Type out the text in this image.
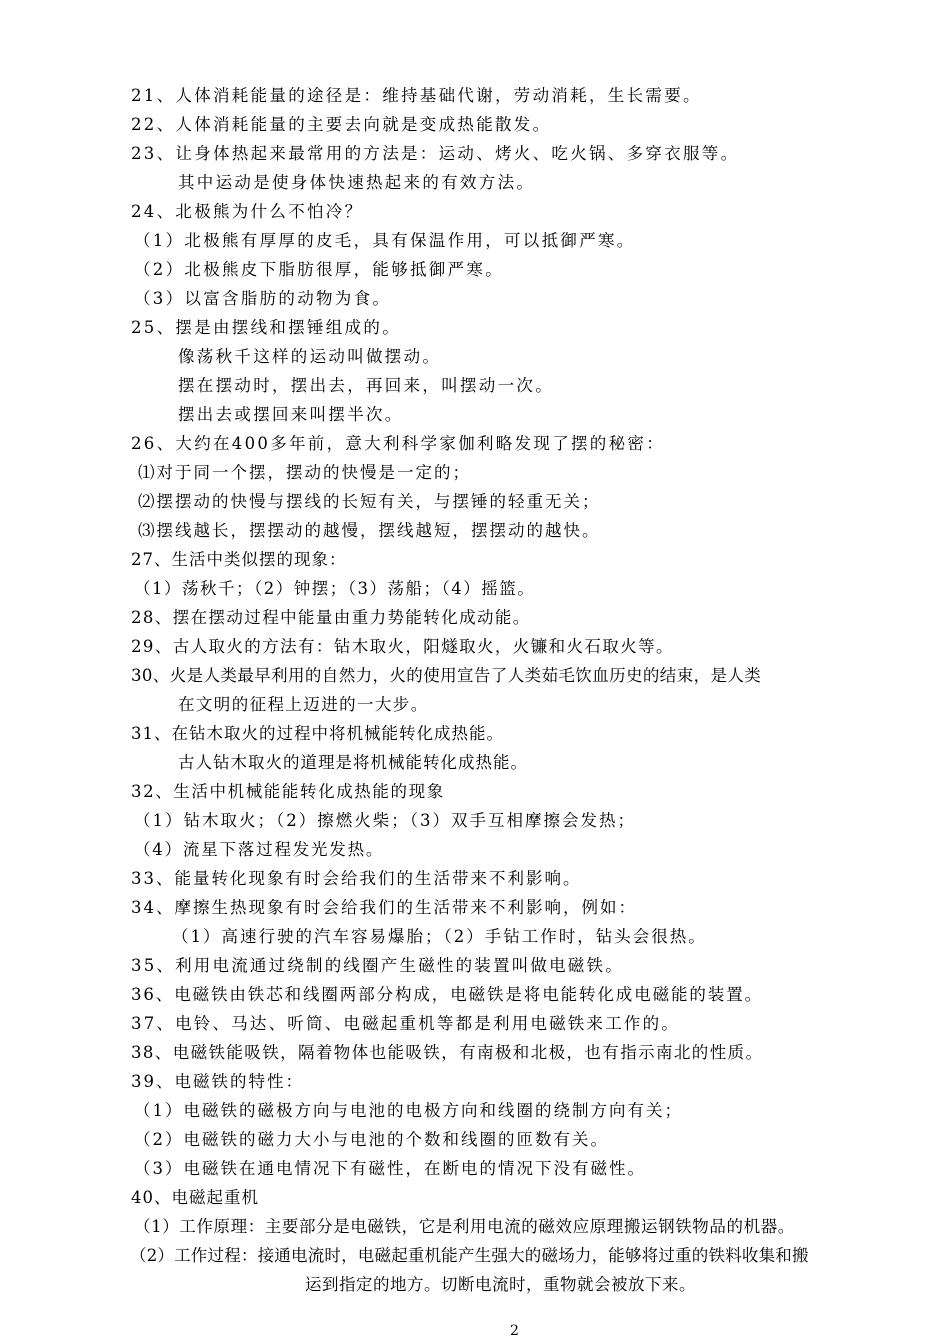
21、人体消耗能量的途径是：维持基础代谢，劳动消耗，生长需要。
22、人体消耗能量的主要去向就是变成热能散发。
23、让身体热起来最常用的方法是：运动、烤火、吃火锅、多穿衣服等。
其中运动是使身体快速热起来的有效方法。
24、北极熊为什么不怕冷？
（1）北极熊有厚厚的皮毛，具有保温作用，可以抵御严寒。
（2）北极熊皮下脂肪很厚，能够抵御严寒。
（3）以富含脂肪的动物为食。
25、摆是由摆线和摆锤组成的。
像荡秋千这样的运动叫做摆动。
摆在摆动时，摆出去，再回来，叫摆动一次。
摆出去或摆回来叫摆半次。
26、大约在400多年前，意大利科学家伽利略发现了摆的秘密：
⑴对于同一个摆，摆动的快慢是一定的；
⑵摆摆动的快慢与摆线的长短有关，与摆锤的轻重无关；
⑶摆线越长，摆摆动的越慢，摆线越短，摆摆动的越快。
27、生活中类似摆的现象：
（1）荡秋千；（2）钟摆；（3）荡船；（4）摇篮。
28、摆在摆动过程中能量由重力势能转化成动能。
29、古人取火的方法有：钻木取火，阳燧取火，火镰和火石取火等。
30、火是人类最早利用的自然力，火的使用宣告了人类茹毛饮血历史的结束，是人类
在文明的征程上迈进的一大步。
31、在钻木取火的过程中将机械能转化成热能。
古人钻木取火的道理是将机械能转化成热能。
32、生活中机械能能转化成热能的现象
（1）钻木取火；（2）擦燃火柴；（3）双手互相摩擦会发热；
（4）流星下落过程发光发热。
33、能量转化现象有时会给我们的生活带来不利影响。
34、摩擦生热现象有时会给我们的生活带来不利影响，例如：
（1）高速行驶的汽车容易爆胎；（2）手钻工作时，钻头会很热。
35、利用电流通过绕制的线圈产生磁性的装置叫做电磁铁。
36、电磁铁由铁芯和线圈两部分构成，电磁铁是将电能转化成电磁能的装置。
37、电铃、马达、听筒、电磁起重机等都是利用电磁铁来工作的。
38、电磁铁能吸铁，隔着物体也能吸铁，有南极和北极，也有指示南北的性质。
39、电磁铁的特性：
（1）电磁铁的磁极方向与电池的电极方向和线圈的绕制方向有关；
（2）电磁铁的磁力大小与电池的个数和线圈的匝数有关。
（3）电磁铁在通电情况下有磁性，在断电的情况下没有磁性。
40、电磁起重机
（1）工作原理：主要部分是电磁铁，它是利用电流的磁效应原理搬运钢铁物品的机器。
（2）工作过程：接通电流时，电磁起重机能产生强大的磁场力，能够将过重的铁料收集和搬
运到指定的地方。切断电流时，重物就会被放下来。
2
